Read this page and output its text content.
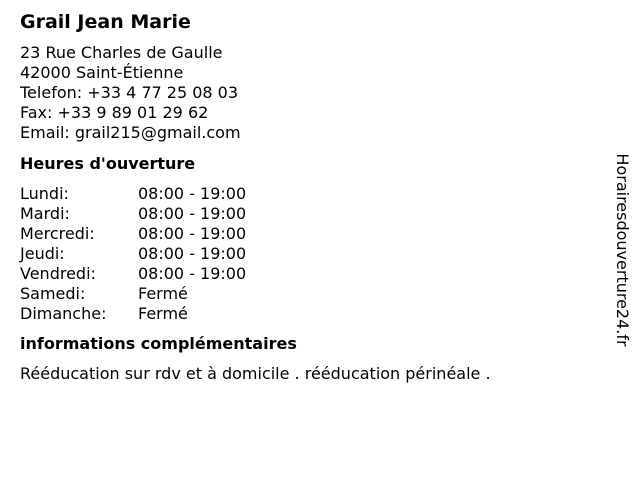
Grail Jean Marie
23 Rue Charles de Gaulle
42000 Saint-Étienne
Telefon: +33 4 77 25 08 03
Fax: +33 9 89 01 29 62
Email: grail215@gmail.com
Heures d'ouverture
Lundi:	08:00 - 19:00
Mardi:	08:00 - 19:00
Mercredi:	08:00 - 19:00
Jeudi:	08:00 - 19:00
Vendredi:	08:00 - 19:00
Samedi:	Fermé
Dimanche:	Fermé
informations complémentaires
Rééducation sur rdv et à domicile . rééducation périnéale .
Horairesdouverture24.fr
